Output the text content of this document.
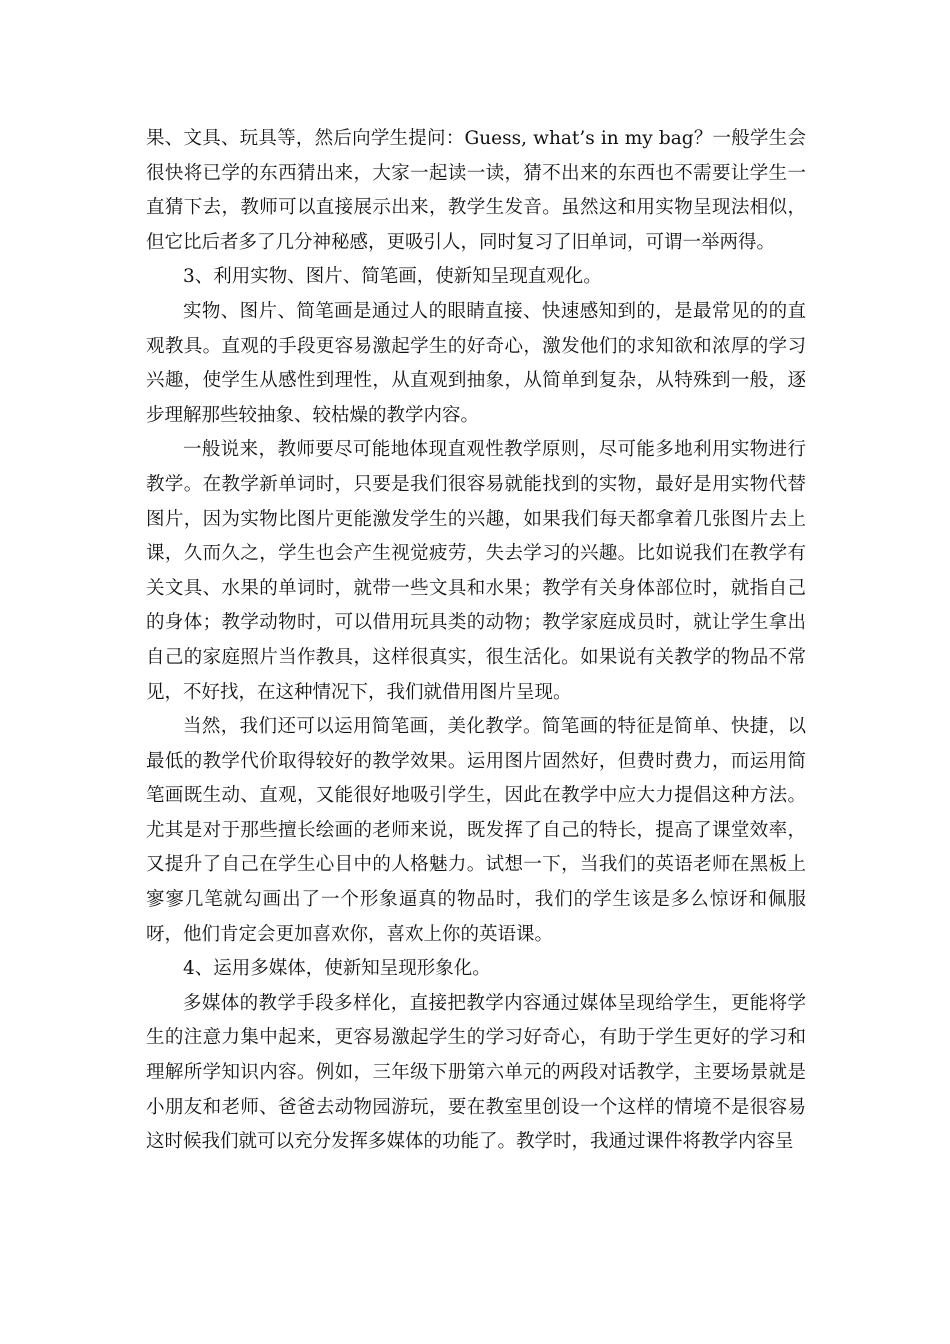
果、文具、玩具等，然后向学生提问：Guess, what’s in my bag？一般学生会很快将已学的东西猜出来，大家一起读一读，猜不出来的东西也不需要让学生一直猜下去，教师可以直接展示出来，教学生发音。虽然这和用实物呈现法相似，但它比后者多了几分神秘感，更吸引人，同时复习了旧单词，可谓一举两得。

3、利用实物、图片、简笔画，使新知呈现直观化。

实物、图片、简笔画是通过人的眼睛直接、快速感知到的，是最常见的的直观教具。直观的手段更容易激起学生的好奇心，激发他们的求知欲和浓厚的学习兴趣，使学生从感性到理性，从直观到抽象，从简单到复杂，从特殊到一般，逐步理解那些较抽象、较枯燥的教学内容。

一般说来，教师要尽可能地体现直观性教学原则，尽可能多地利用实物进行教学。在教学新单词时，只要是我们很容易就能找到的实物，最好是用实物代替图片，因为实物比图片更能激发学生的兴趣，如果我们每天都拿着几张图片去上课，久而久之，学生也会产生视觉疲劳，失去学习的兴趣。比如说我们在教学有关文具、水果的单词时，就带一些文具和水果；教学有关身体部位时，就指自己的身体；教学动物时，可以借用玩具类的动物；教学家庭成员时，就让学生拿出自己的家庭照片当作教具，这样很真实，很生活化。如果说有关教学的物品不常见，不好找，在这种情况下，我们就借用图片呈现。

当然，我们还可以运用简笔画，美化教学。简笔画的特征是简单、快捷，以最低的教学代价取得较好的教学效果。运用图片固然好，但费时费力，而运用简笔画既生动、直观，又能很好地吸引学生，因此在教学中应大力提倡这种方法。尤其是对于那些擅长绘画的老师来说，既发挥了自己的特长，提高了课堂效率，又提升了自己在学生心目中的人格魅力。试想一下，当我们的英语老师在黑板上寥寥几笔就勾画出了一个形象逼真的物品时，我们的学生该是多么惊讶和佩服呀，他们肯定会更加喜欢你，喜欢上你的英语课。

4、运用多媒体，使新知呈现形象化。

多媒体的教学手段多样化，直接把教学内容通过媒体呈现给学生，更能将学生的注意力集中起来，更容易激起学生的学习好奇心，有助于学生更好的学习和理解所学知识内容。例如，三年级下册第六单元的两段对话教学，主要场景就是小朋友和老师、爸爸去动物园游玩，要在教室里创设一个这样的情境不是很容易这时候我们就可以充分发挥多媒体的功能了。教学时，我通过课件将教学内容呈
